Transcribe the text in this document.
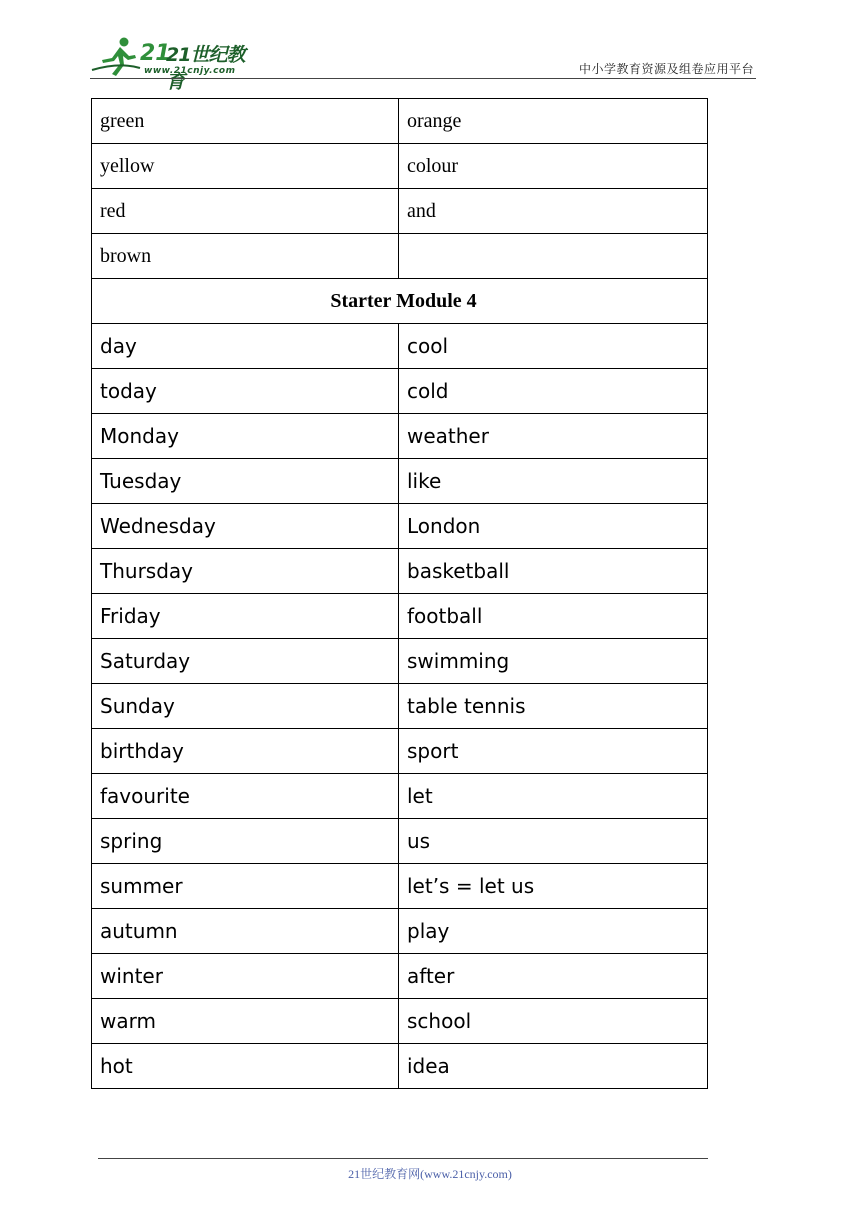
21
21世纪教育
www.21cnjy.com	中小学教育资源及组卷应用平台
green	orange
yellow	colour
red	and
brown	
Starter Module 4	
day	cool
today	cold
Monday	weather
Tuesday	like
Wednesday	London
Thursday	basketball
Friday	football
Saturday	swimming
Sunday	table tennis
birthday	sport
favourite	let
spring	us
summer	let’s = let us
autumn	play
winter	after
warm	school
hot	idea
21世纪教育网(www.21cnjy.com)
